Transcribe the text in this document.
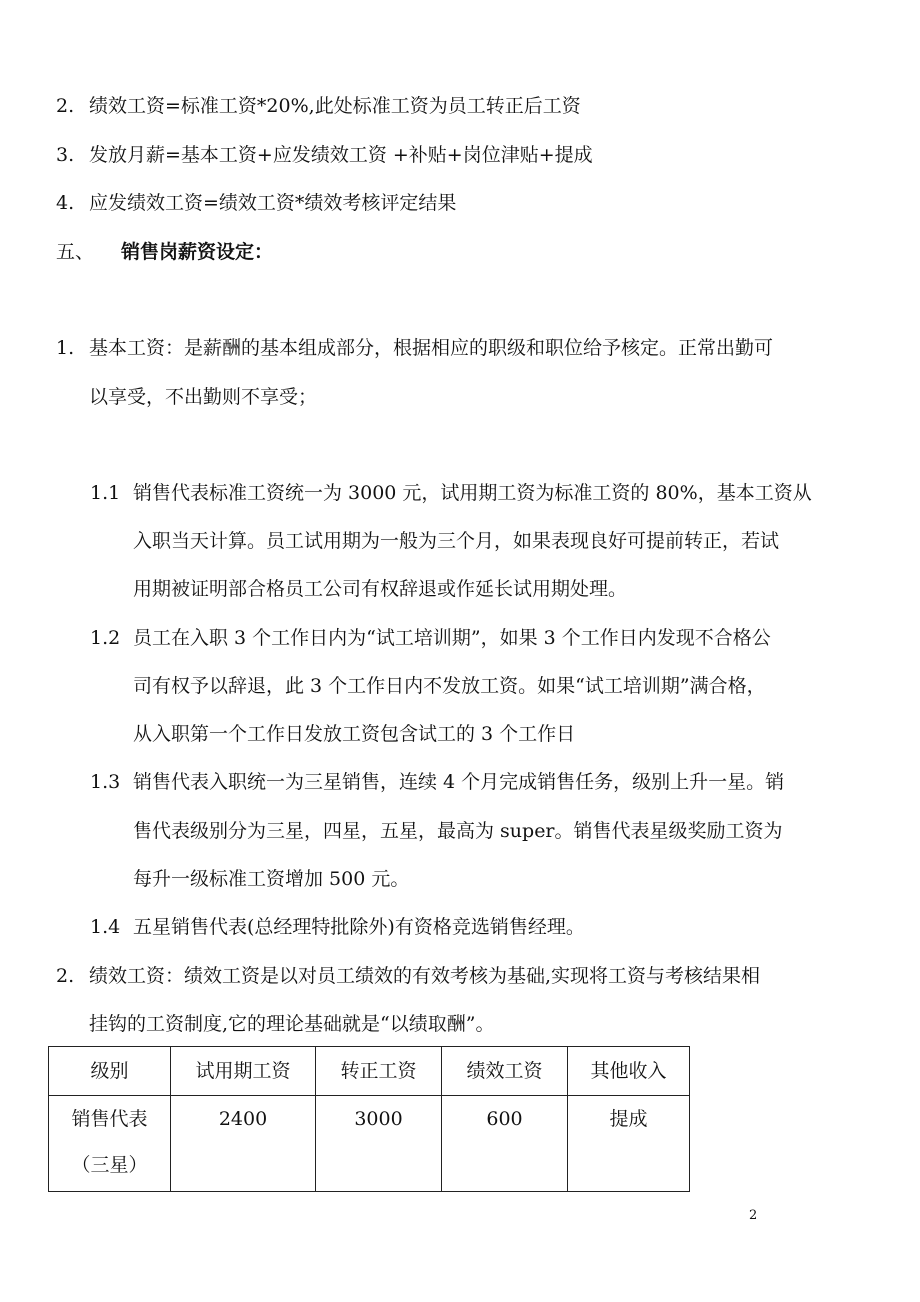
2. 绩效工资=标准工资*20%,此处标准工资为员工转正后工资
3. 发放月薪=基本工资+应发绩效工资 +补贴+岗位津贴+提成
4. 应发绩效工资=绩效工资*绩效考核评定结果
五、 销售岗薪资设定：
1. 基本工资：是薪酬的基本组成部分，根据相应的职级和职位给予核定。正常出勤可
以享受，不出勤则不享受；
1.1 销售代表标准工资统一为 3000 元，试用期工资为标准工资的 80%，基本工资从
入职当天计算。员工试用期为一般为三个月，如果表现良好可提前转正，若试
用期被证明部合格员工公司有权辞退或作延长试用期处理。
1.2 员工在入职 3 个工作日内为“试工培训期”，如果 3 个工作日内发现不合格公
司有权予以辞退，此 3 个工作日内不发放工资。如果“试工培训期”满合格，
从入职第一个工作日发放工资包含试工的 3 个工作日
1.3 销售代表入职统一为三星销售，连续 4 个月完成销售任务，级别上升一星。销
售代表级别分为三星，四星，五星，最高为 super。销售代表星级奖励工资为
每升一级标准工资增加 500 元。
1.4 五星销售代表(总经理特批除外)有资格竞选销售经理。
2. 绩效工资：绩效工资是以对员工绩效的有效考核为基础,实现将工资与考核结果相
挂钩的工资制度,它的理论基础就是“以绩取酬”。
级别	试用期工资	转正工资	绩效工资	其他收入

销售代表
（三星）	2400	3000	600	提成
2
